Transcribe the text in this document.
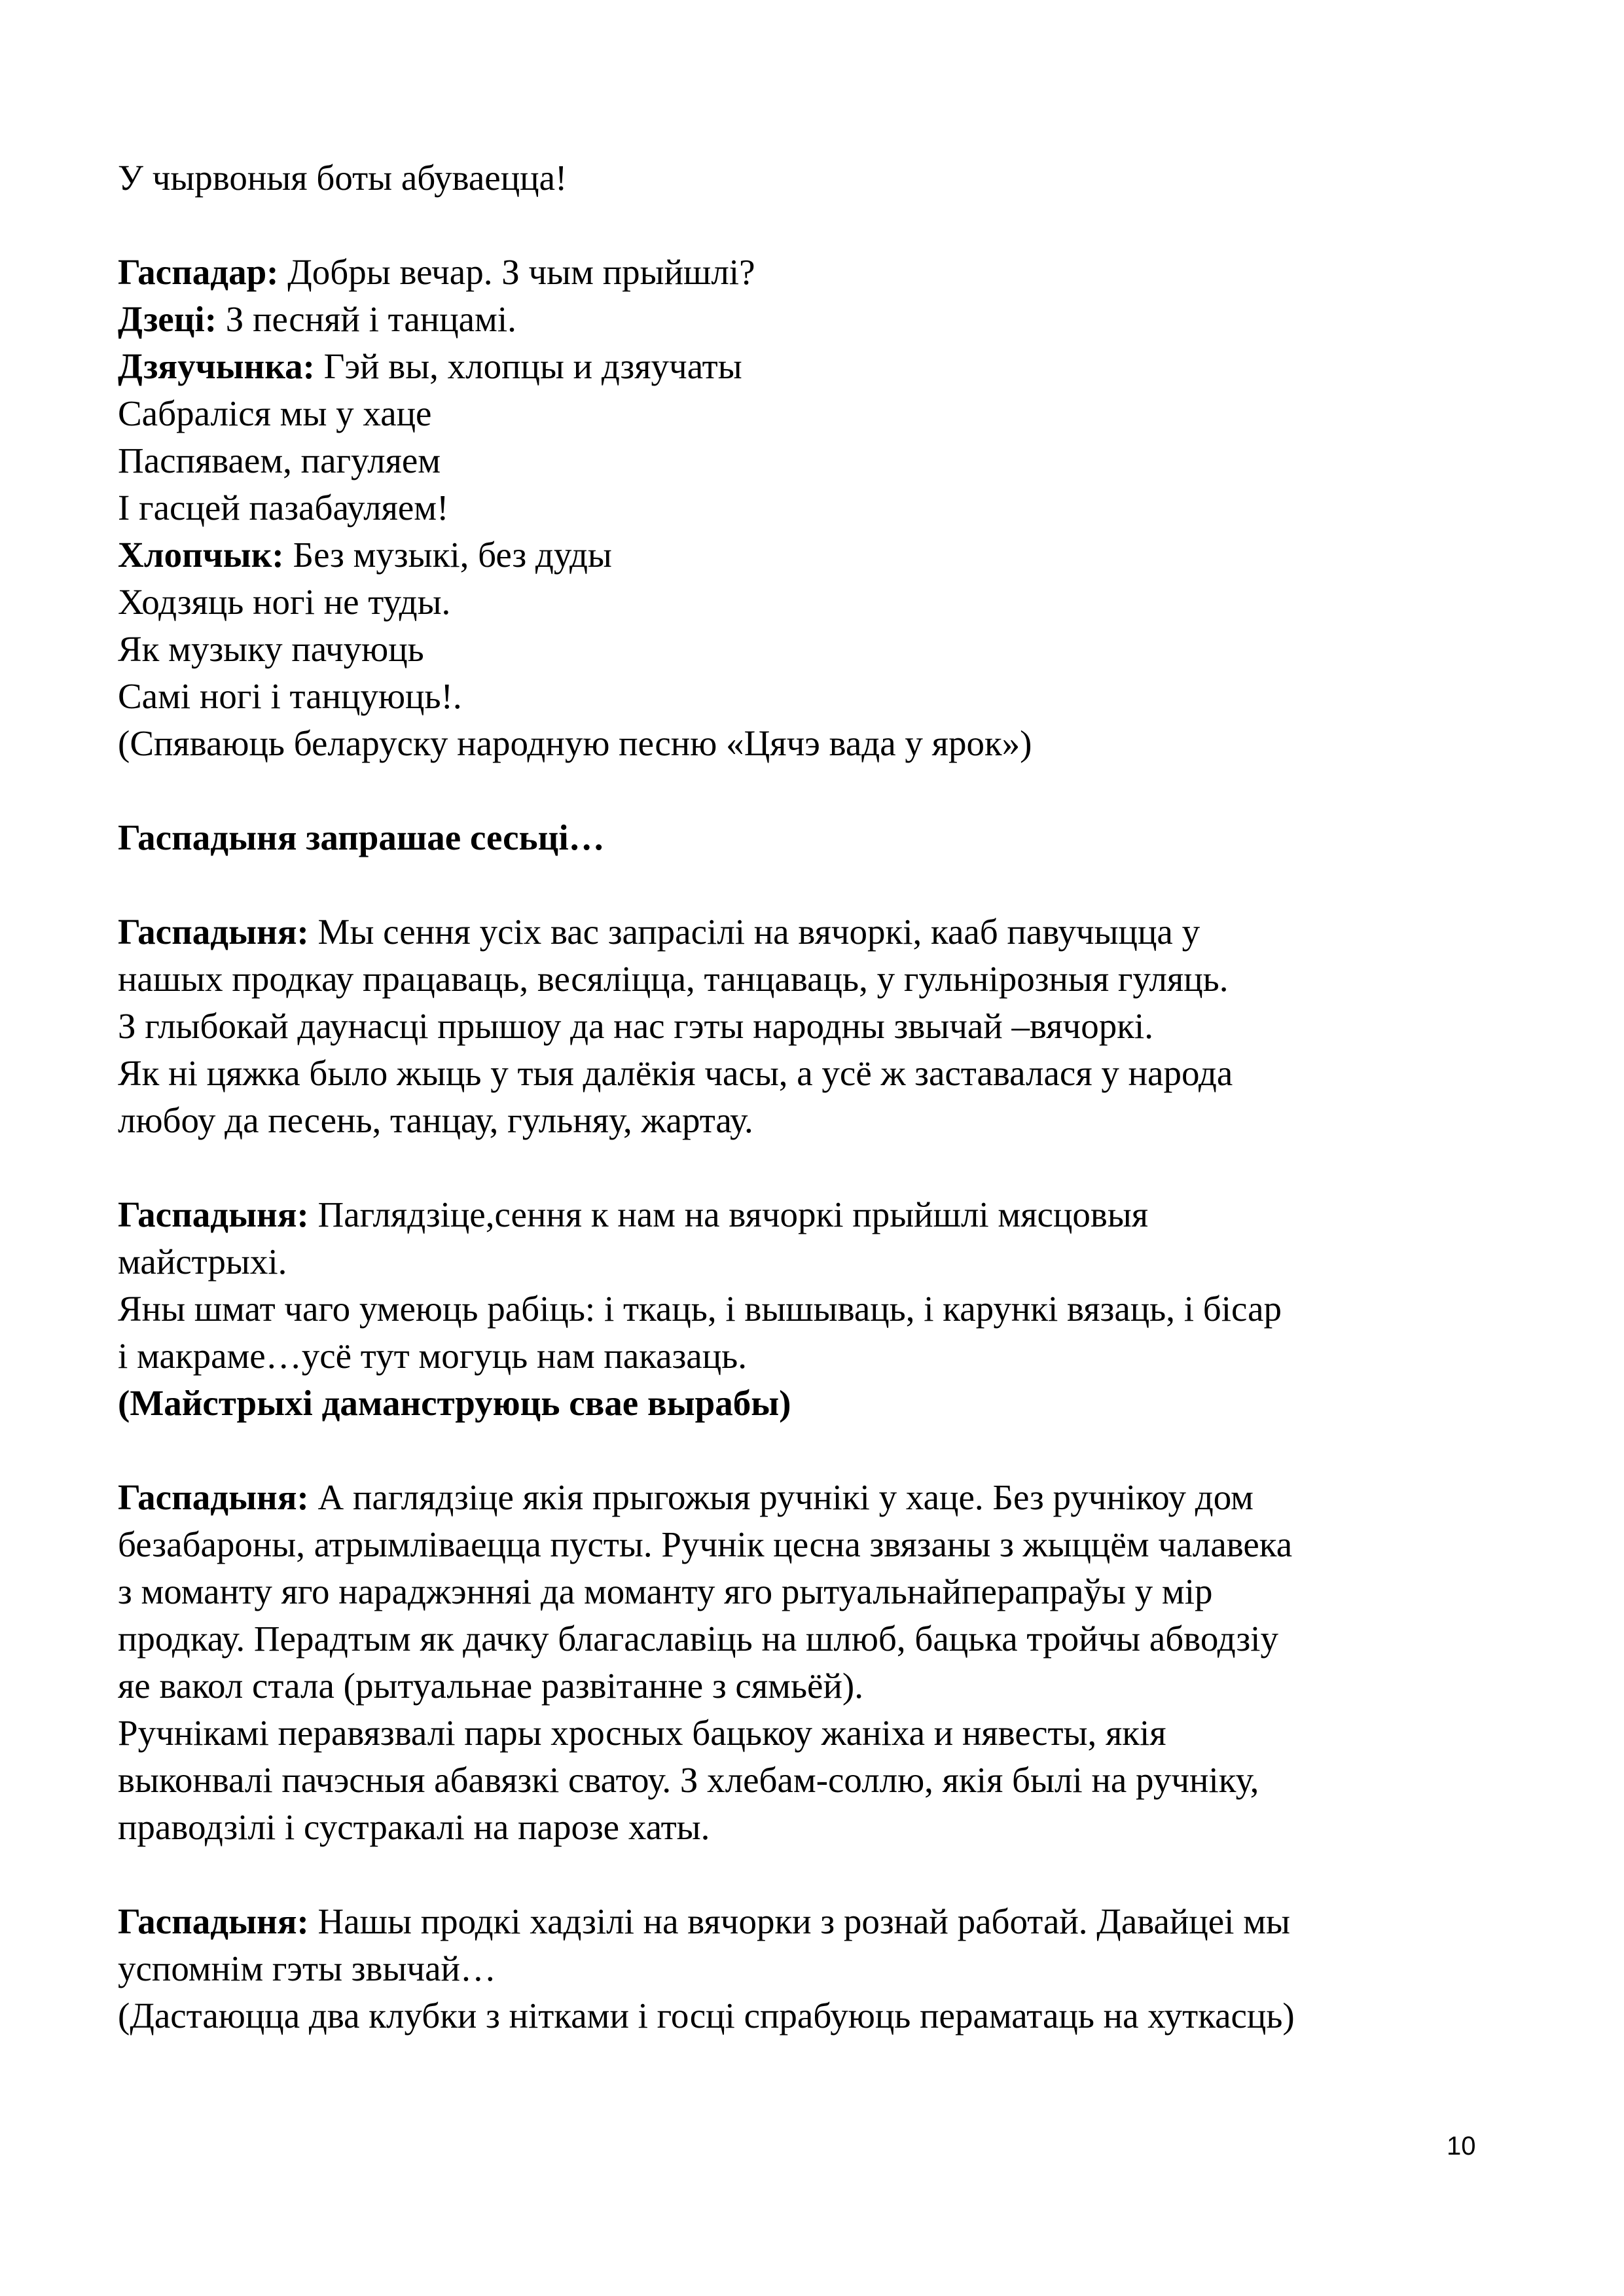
У чырвоныя боты абуваецца!
Гаспадар: Добры вечар. З чым прыйшлі?
Дзеці: З песняй і танцамі.
Дзяучынка: Гэй вы, хлопцы и дзяучаты
Сабраліся мы у хаце
Паспяваем, пагуляем
І гасцей пазабауляем!
Хлопчык: Без музыкі, без дуды
Ходзяць ногі не туды.
Як музыку пачуюць
Самі ногі і танцуюць!.
(Спяваюць беларуску народную песню «Цячэ вада у ярок»)
Гаспадыня запрашае сесьці…
Гаспадыня: Мы сення усіх вас запрасілі на вячоркі, кааб павучыцца у
нашых продкау працаваць, весяліцца, танцаваць, у гульнірозныя гуляць.
З глыбокай даунасці прышоу да нас гэты народны звычай –вячоркі.
Як ні цяжка было жыць у тыя далёкія часы, а усё ж заставалася у народа
любоу да песень, танцау, гульняу, жартау.
Гаспадыня: Паглядзіце,сення к нам на вячоркі прыйшлі мясцовыя
майстрыхі.
Яны шмат чаго умеюць рабіць: і ткаць, і вышываць, і карункі вязаць, і бісар
і макраме…усё тут могуць нам паказаць.
(Майстрыхі даманструюць свае вырабы)
Гаспадыня: А паглядзіце якія прыгожыя ручнікі у хаце. Без ручнікоу дом
безабароны, атрымліваецца пусты. Ручнік цесна звязаны з жыццём чалавека
з моманту яго нараджэнняі да моманту яго рытуальнайперапраўы у мір
продкау. Перадтым як дачку благаславіць на шлюб, бацька тройчы абводзіу
яе вакол стала (рытуальнае развітанне з сямьёй).
Ручнікамі перавязвалі пары хросных бацькоу жаніха и нявесты, якія
выконвалі пачэсныя абавязкі сватоу. З хлебам-соллю, якія былі на ручніку,
праводзілі і сустракалі на парозе хаты.
Гаспадыня: Нашы продкі хадзілі на вячорки з рознай работай. Давайцеі мы
успомнім гэты звычай…
(Дастаюцца два клубки з нітками і госці спрабуюць пераматаць на хуткасць)
10
